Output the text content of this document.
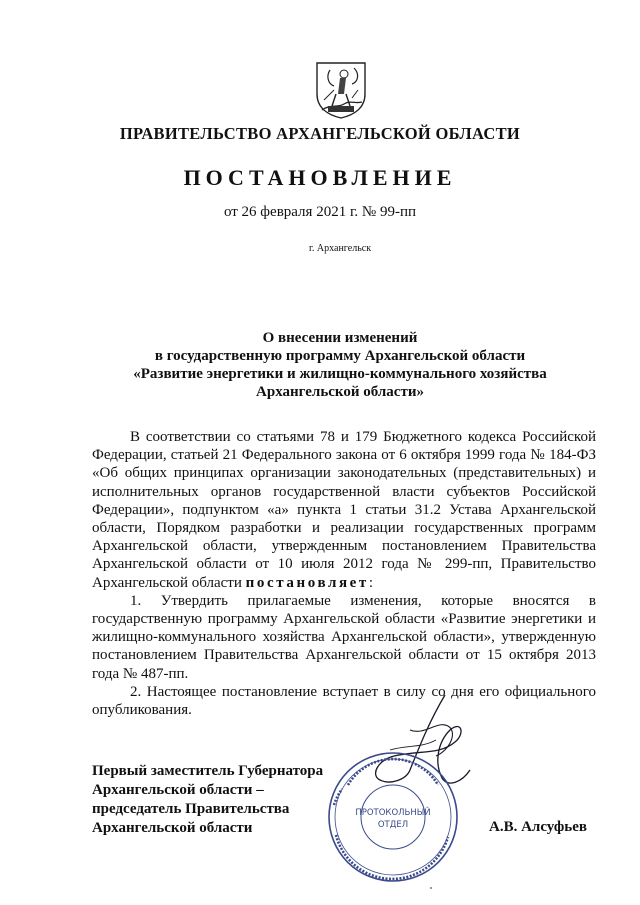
ПРАВИТЕЛЬСТВО АРХАНГЕЛЬСКОЙ ОБЛАСТИ
ПОСТАНОВЛЕНИЕ
от 26 февраля 2021 г. № 99-пп
г. Архангельск
О внесении изменений
в государственную программу Архангельской области
«Развитие энергетики и жилищно-коммунального хозяйства
Архангельской области»

В соответствии со статьями 78 и 179 Бюджетного кодекса Российской Федерации, статьей 21 Федерального закона от 6 октября 1999 года № 184-ФЗ «Об общих принципах организации законодательных (представительных) и исполнительных органов государственной власти субъектов Российской Федерации», подпунктом «а» пункта 1 статьи 31.2 Устава Архангельской области, Порядком разработки и реализации государственных программ Архангельской области, утвержденным постановлением Правительства Архангельской области от 10 июля 2012 года № 299-пп, Правительство Архангельской области постановляет:

1. Утвердить прилагаемые изменения, которые вносятся в государственную программу Архангельской области «Развитие энергетики и жилищно-коммунального хозяйства Архангельской области», утвержденную постановлением Правительства Архангельской области от 15 октября 2013 года № 487-пп.

2. Настоящее постановление вступает в силу со дня его официального опубликования.

ПРОТОКОЛЬНЫЙ
ОТДЕЛ
Первый заместитель Губернатора
Архангельской области –
председатель Правительства
Архангельской области	А.В. Алсуфьев
